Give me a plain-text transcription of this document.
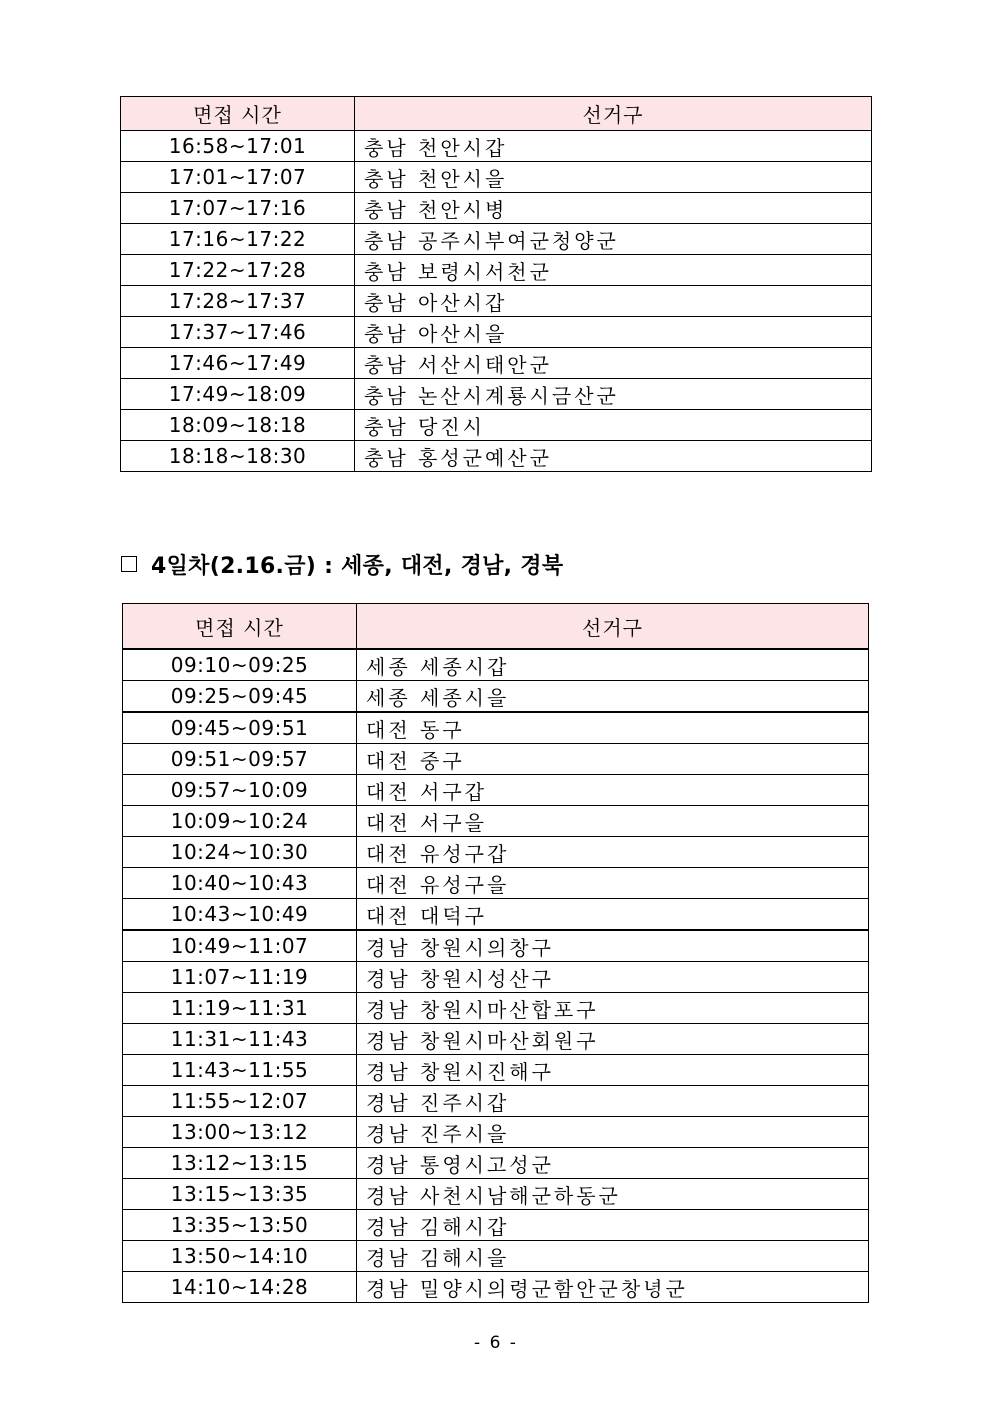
면접 시간	선거구
16:58~17:01	충남 천안시갑
17:01~17:07	충남 천안시을
17:07~17:16	충남 천안시병
17:16~17:22	충남 공주시부여군청양군
17:22~17:28	충남 보령시서천군
17:28~17:37	충남 아산시갑
17:37~17:46	충남 아산시을
17:46~17:49	충남 서산시태안군
17:49~18:09	충남 논산시계룡시금산군
18:09~18:18	충남 당진시
18:18~18:30	충남 홍성군예산군
4일차(2.16.금) : 세종, 대전, 경남, 경북
면접 시간	선거구
09:10~09:25	세종 세종시갑
09:25~09:45	세종 세종시을
09:45~09:51	대전 동구
09:51~09:57	대전 중구
09:57~10:09	대전 서구갑
10:09~10:24	대전 서구을
10:24~10:30	대전 유성구갑
10:40~10:43	대전 유성구을
10:43~10:49	대전 대덕구
10:49~11:07	경남 창원시의창구
11:07~11:19	경남 창원시성산구
11:19~11:31	경남 창원시마산합포구
11:31~11:43	경남 창원시마산회원구
11:43~11:55	경남 창원시진해구
11:55~12:07	경남 진주시갑
13:00~13:12	경남 진주시을
13:12~13:15	경남 통영시고성군
13:15~13:35	경남 사천시남해군하동군
13:35~13:50	경남 김해시갑
13:50~14:10	경남 김해시을
14:10~14:28	경남 밀양시의령군함안군창녕군
- 6 -
